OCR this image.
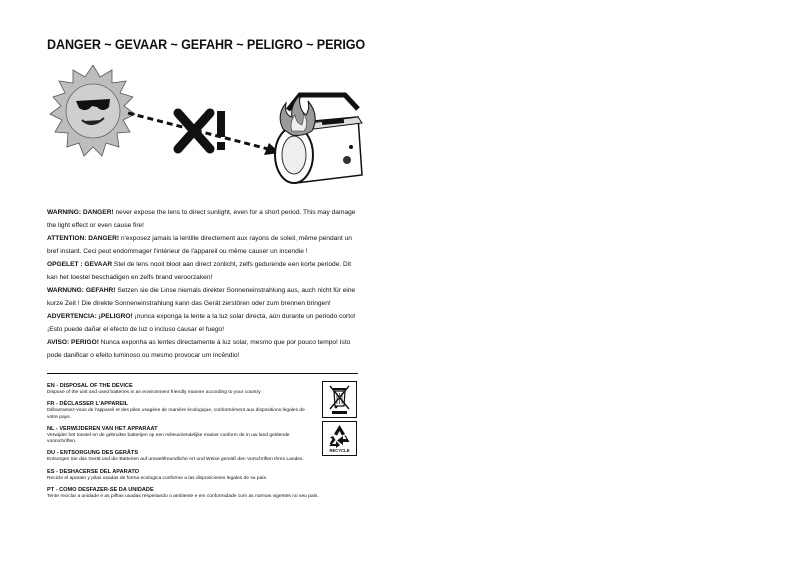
DANGER ~ GEVAAR ~ GEFAHR ~ PELIGRO ~ PERIGO

WARNING: DANGER! never expose the lens to direct sunlight, even for a short period. This may damage the light effect or even cause fire!

ATTENTION: DANGER! n'exposez jamais la lentille directement aux rayons de soleil, même pendant un bref instant. Ceci peut endommager l'intérieur de l'appareil ou même causer un incendie !

OPGELET : GEVAAR Stel de lens nooit bloot aan direct zonlicht, zelfs gedurende een korte periode. Dit kan het toestel beschadigen en zelfs brand veroorzaken!

WARNUNG: GEFAHR! Setzen sie die Linse niemals direkter Sonneneinstrahlung aus, auch nicht für eine kurze Zeit ! Die direkte Sonneneinstrahlung kann das Gerät zerstören oder zum brennen bringen!

ADVERTENCIA: ¡PELIGRO! ¡nunca exponga la lente a la luz solar directa, aún durante un periodo corto! ¡Esto puede dañar el efecto de luz o incluso causar el fuego!

AVISO: PERIGO! Nunca exponha as lentes directamente à luz solar, mesmo que por pouco tempo! Isto pode danificar o efeito luminoso ou mesmo provocar um incêndio!

EN - DISPOSAL OF THE DEVICE

Dispose of the unit and used batteries in an environment friendly manner according to your country

FR - DÉCLASSER L'APPAREIL

Débarrassez-vous de l'appareil et des piles usagées de manière écologique, conformément aux dispositions légales de votre pays.

NL - VERWIJDEREN VAN HET APPARAAT

Verwijder het toestel en de gebruikte batterijen op een milieuvriendelijke manier conform de in uw land geldende voorschriften.

DU - ENTSORGUNG DES GERÄTS

Entsorgen Sie das Gerät und die Batterien auf umweltfreundliche Art und Weise gemäß den Vorschriften Ihres Landes.

ES - DESHACERSE DEL APARATO

Recicle el aparato y pilas usadas de forma ecologica conforme a las disposiciones legales de su país.

PT - COMO DESFAZER-SE DA UNIDADE

Tente reciclar a unidade e as pilhas usadas respeitando o ambiente e em conformidade com as normas vigentes no seu país.

RECYCLE
